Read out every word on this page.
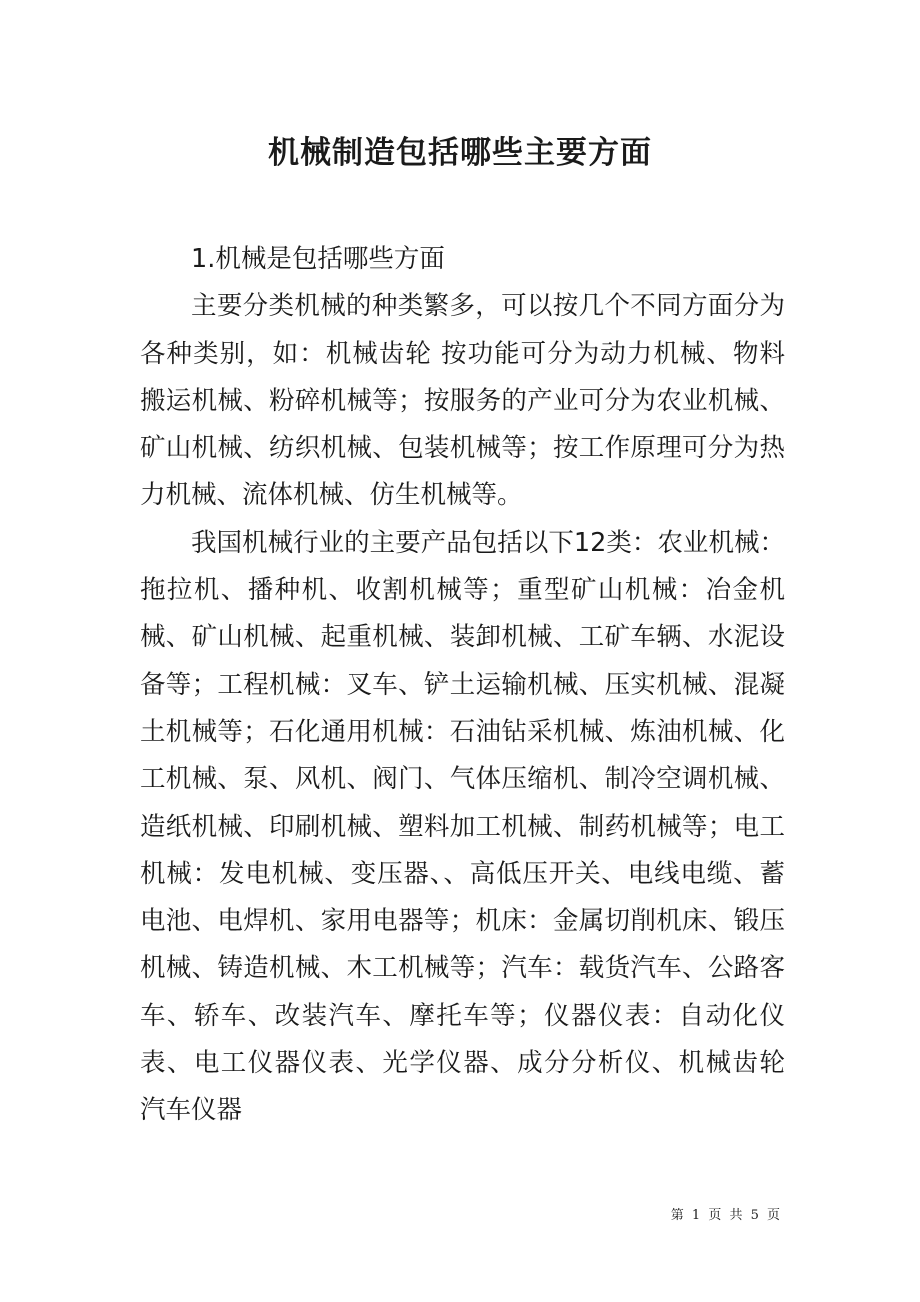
机械制造包括哪些主要方面

1.机械是包括哪些方面

主要分类机械的种类繁多，可以按几个不同方面分为各种类别，如：机械齿轮 按功能可分为动力机械、物料搬运机械、粉碎机械等；按服务的产业可分为农业机械、矿山机械、纺织机械、包装机械等；按工作原理可分为热力机械、流体机械、仿生机械等。

我国机械行业的主要产品包括以下12类：农业机械：拖拉机、播种机、收割机械等；重型矿山机械：冶金机械、矿山机械、起重机械、装卸机械、工矿车辆、水泥设备等；工程机械：叉车、铲土运输机械、压实机械、混凝土机械等；石化通用机械：石油钻采机械、炼油机械、化工机械、泵、风机、阀门、气体压缩机、制冷空调机械、造纸机械、印刷机械、塑料加工机械、制药机械等；电工机械：发电机械、变压器、、高低压开关、电线电缆、蓄电池、电焊机、家用电器等；机床：金属切削机床、锻压机械、铸造机械、木工机械等；汽车：载货汽车、公路客车、轿车、改装汽车、摩托车等；仪器仪表：自动化仪表、电工仪器仪表、光学仪器、成分分析仪、机械齿轮 汽车仪器

第 1 页 共 5 页
